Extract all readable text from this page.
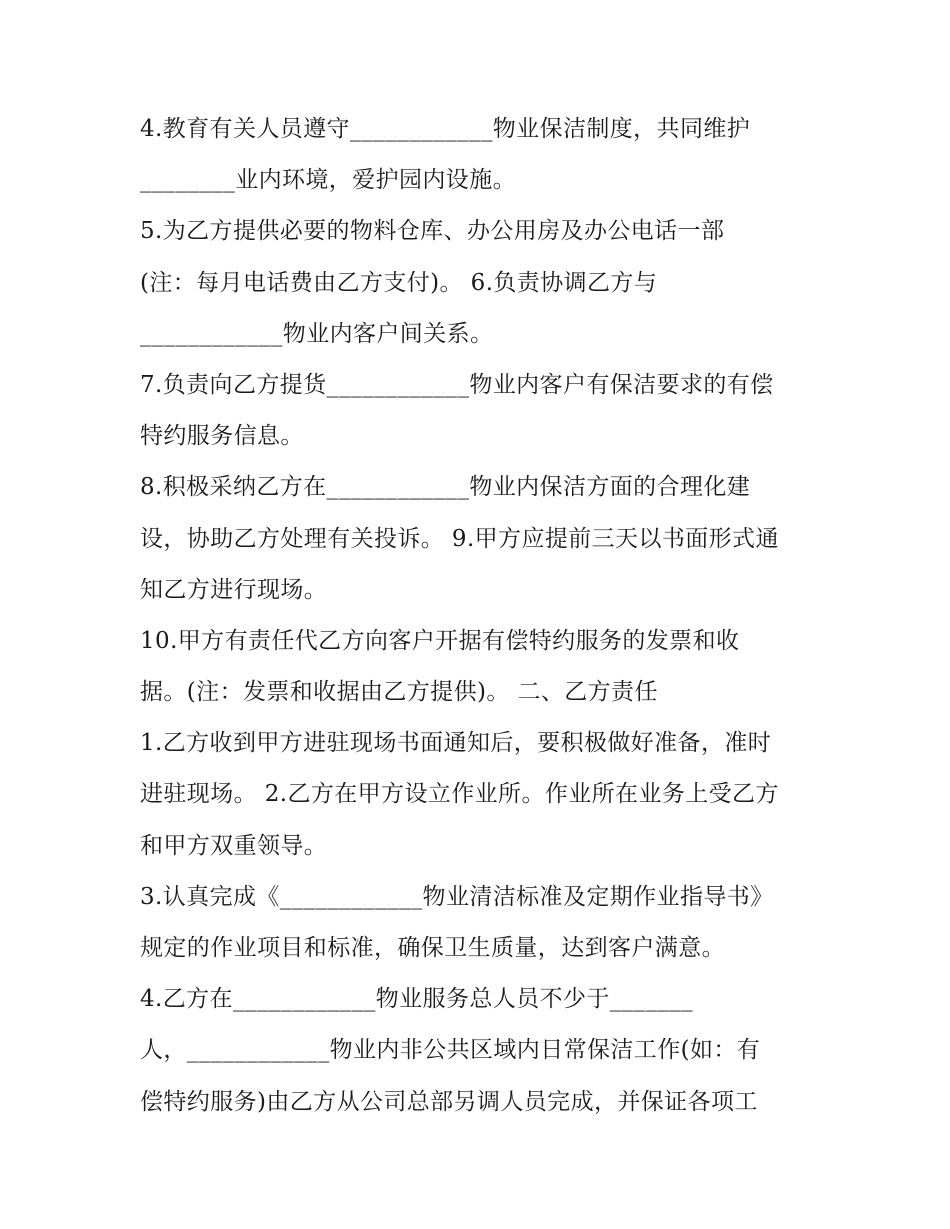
4.教育有关人员遵守____________物业保洁制度，共同维护
________业内环境，爱护园内设施。
5.为乙方提供必要的物料仓库、办公用房及办公电话一部
(注：每月电话费由乙方支付)。 6.负责协调乙方与
____________物业内客户间关系。
7.负责向乙方提货____________物业内客户有保洁要求的有偿
特约服务信息。
8.积极采纳乙方在____________物业内保洁方面的合理化建
设，协助乙方处理有关投诉。 9.甲方应提前三天以书面形式通
知乙方进行现场。
10.甲方有责任代乙方向客户开据有偿特约服务的发票和收
据。(注：发票和收据由乙方提供)。 二、乙方责任
1.乙方收到甲方进驻现场书面通知后，要积极做好准备，准时
进驻现场。 2.乙方在甲方设立作业所。作业所在业务上受乙方
和甲方双重领导。
3.认真完成《____________物业清洁标准及定期作业指导书》
规定的作业项目和标准，确保卫生质量，达到客户满意。
4.乙方在____________物业服务总人员不少于_______
人，____________物业内非公共区域内日常保洁工作(如：有
偿特约服务)由乙方从公司总部另调人员完成，并保证各项工
